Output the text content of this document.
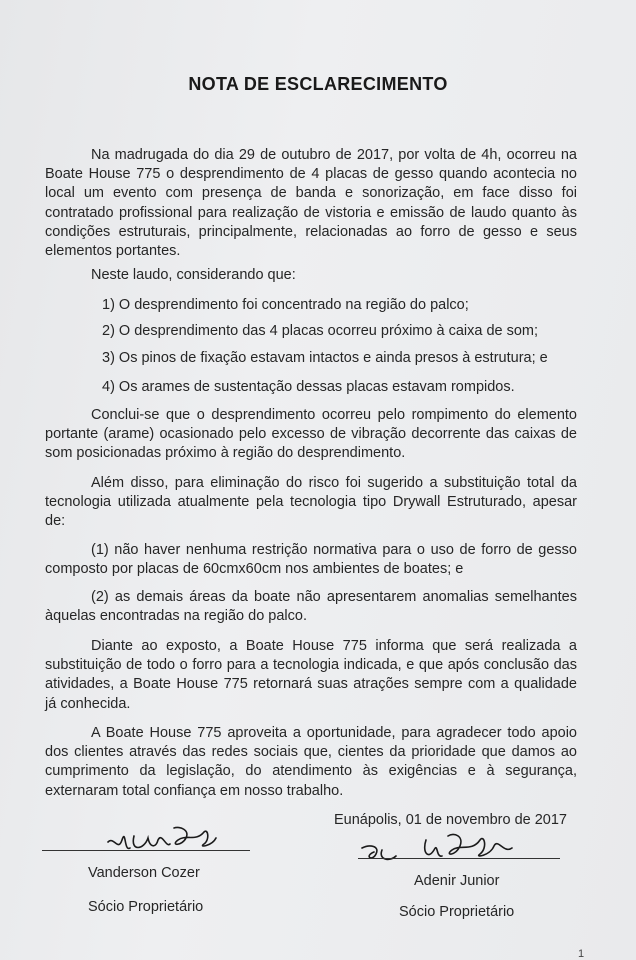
NOTA DE ESCLARECIMENTO
Na madrugada do dia 29 de outubro de 2017, por volta de 4h, ocorreu na Boate House 775 o desprendimento de 4 placas de gesso quando acontecia no local um evento com presença de banda e sonorização, em face disso foi contratado profissional para realização de vistoria e emissão de laudo quanto às condições estruturais, principalmente, relacionadas ao forro de gesso e seus elementos portantes.
Neste laudo, considerando que:
1) O desprendimento foi concentrado na região do palco;
2) O desprendimento das 4 placas ocorreu próximo à caixa de som;
3) Os pinos de fixação estavam intactos e ainda presos à estrutura; e
4) Os arames de sustentação dessas placas estavam rompidos.
Conclui-se que o desprendimento ocorreu pelo rompimento do elemento portante (arame) ocasionado pelo excesso de vibração decorrente das caixas de som posicionadas próximo à região do desprendimento.
Além disso, para eliminação do risco foi sugerido a substituição total da tecnologia utilizada atualmente pela tecnologia tipo Drywall Estruturado, apesar de:
(1) não haver nenhuma restrição normativa para o uso de forro de gesso composto por placas de 60cmx60cm nos ambientes de boates; e
(2) as demais áreas da boate não apresentarem anomalias semelhantes àquelas encontradas na região do palco.
Diante ao exposto, a Boate House 775 informa que será realizada a substituição de todo o forro para a tecnologia indicada, e que após conclusão das atividades, a Boate House 775 retornará suas atrações sempre com a qualidade já conhecida.
A Boate House 775 aproveita a oportunidade, para agradecer todo apoio dos clientes através das redes sociais que, cientes da prioridade que damos ao cumprimento da legislação, do atendimento às exigências e à segurança, externaram total confiança em nosso trabalho.
Eunápolis, 01 de novembro de 2017
Vanderson Cozer
Sócio Proprietário
Adenir Junior
Sócio Proprietário
1
